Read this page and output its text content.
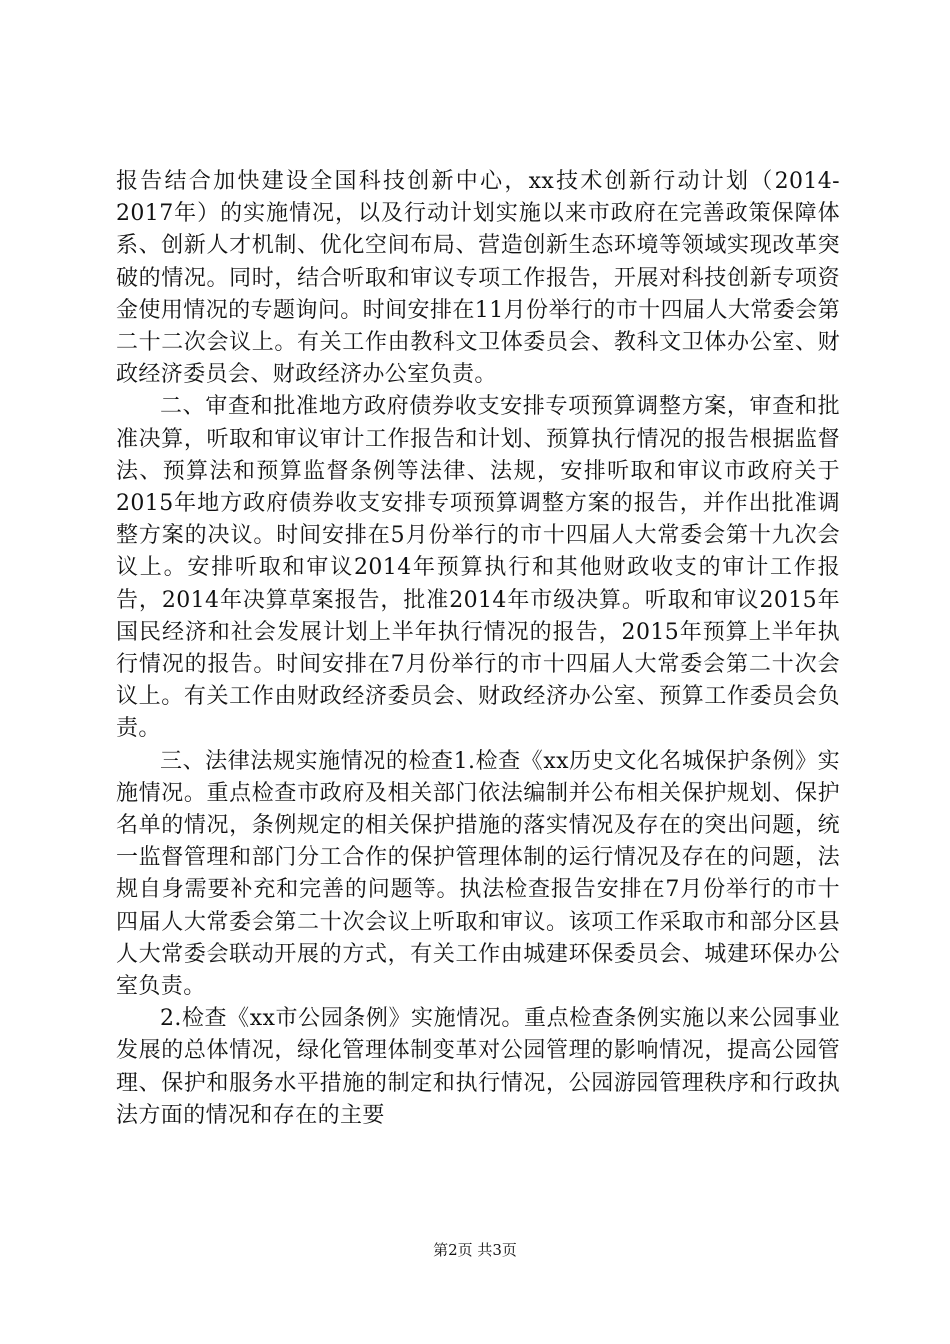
报告结合加快建设全国科技创新中心，xx技术创新行动计划（2014-2017年）的实施情况，以及行动计划实施以来市政府在完善政策保障体系、创新人才机制、优化空间布局、营造创新生态环境等领域实现改革突破的情况。同时，结合听取和审议专项工作报告，开展对科技创新专项资金使用情况的专题询问。时间安排在11月份举行的市十四届人大常委会第二十二次会议上。有关工作由教科文卫体委员会、教科文卫体办公室、财政经济委员会、财政经济办公室负责。

二、审查和批准地方政府债券收支安排专项预算调整方案，审查和批准决算，听取和审议审计工作报告和计划、预算执行情况的报告根据监督法、预算法和预算监督条例等法律、法规，安排听取和审议市政府关于2015年地方政府债券收支安排专项预算调整方案的报告，并作出批准调整方案的决议。时间安排在5月份举行的市十四届人大常委会第十九次会议上。安排听取和审议2014年预算执行和其他财政收支的审计工作报告，2014年决算草案报告，批准2014年市级决算。听取和审议2015年国民经济和社会发展计划上半年执行情况的报告，2015年预算上半年执行情况的报告。时间安排在7月份举行的市十四届人大常委会第二十次会议上。有关工作由财政经济委员会、财政经济办公室、预算工作委员会负责。

三、法律法规实施情况的检查1.检查《xx历史文化名城保护条例》实施情况。重点检查市政府及相关部门依法编制并公布相关保护规划、保护名单的情况，条例规定的相关保护措施的落实情况及存在的突出问题，统一监督管理和部门分工合作的保护管理体制的运行情况及存在的问题，法规自身需要补充和完善的问题等。执法检查报告安排在7月份举行的市十四届人大常委会第二十次会议上听取和审议。该项工作采取市和部分区县人大常委会联动开展的方式，有关工作由城建环保委员会、城建环保办公室负责。

2.检查《xx市公园条例》实施情况。重点检查条例实施以来公园事业发展的总体情况，绿化管理体制变革对公园管理的影响情况，提高公园管理、保护和服务水平措施的制定和执行情况，公园游园管理秩序和行政执法方面的情况和存在的主要

第2页 共3页
